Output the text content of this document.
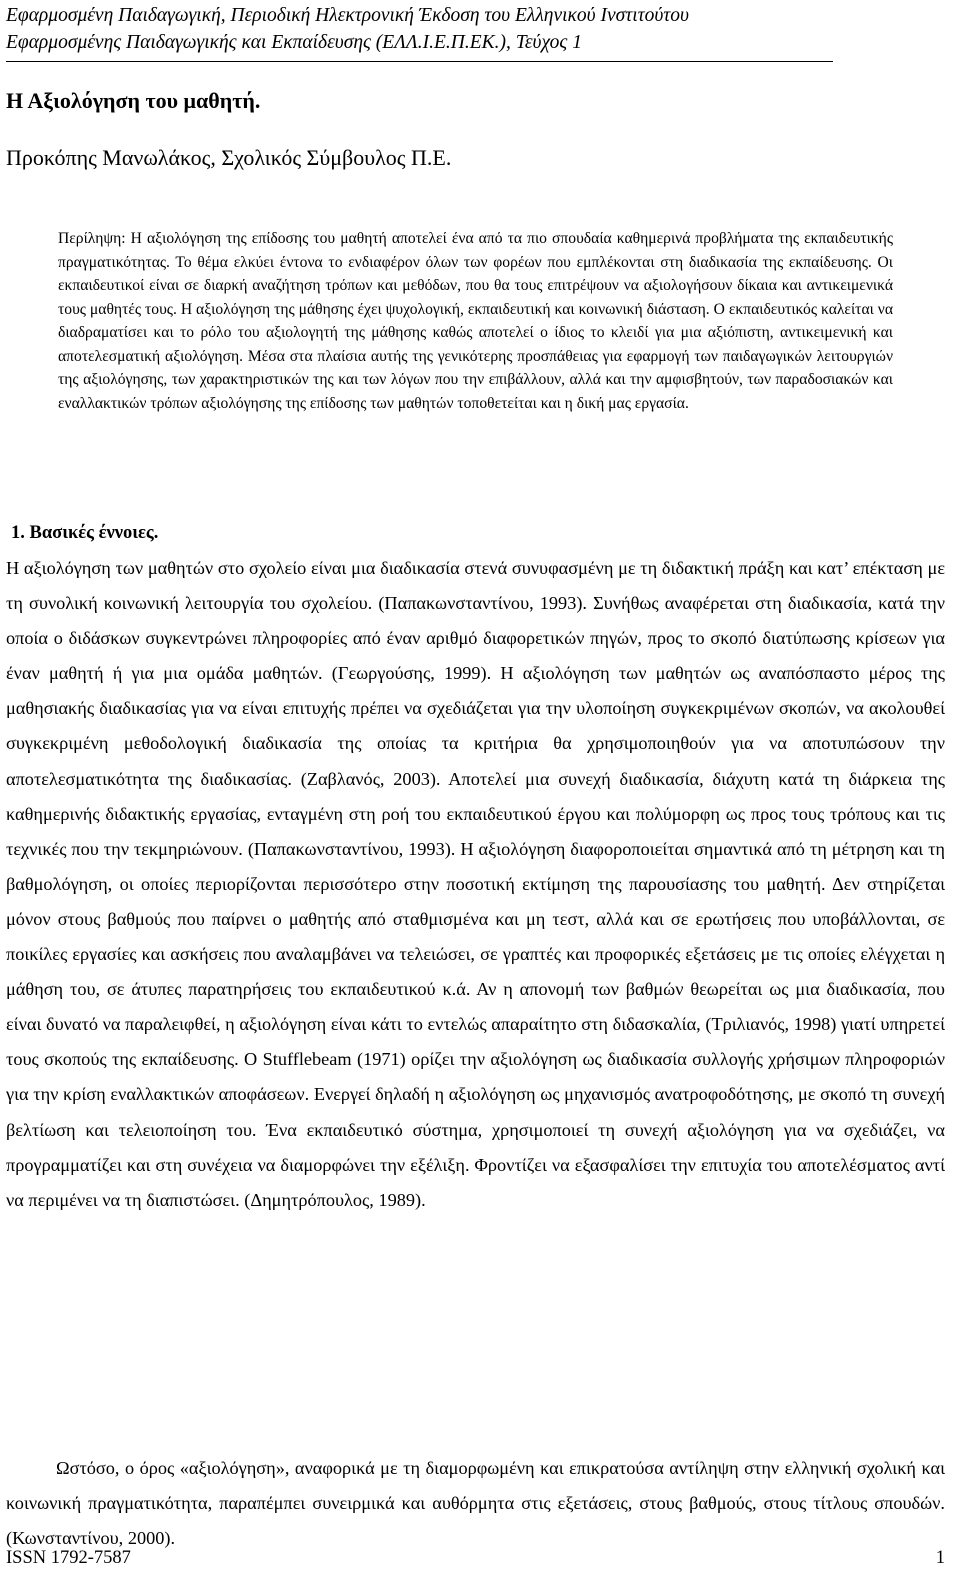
Εφαρμοσμένη Παιδαγωγική, Περιοδική Ηλεκτρονική Έκδοση του Ελληνικού Ινστιτούτου
Εφαρμοσμένης Παιδαγωγικής και Εκπαίδευσης (ΕΛΛ.Ι.Ε.Π.ΕΚ.), Τεύχος 1
Η Αξιολόγηση του μαθητή.
Προκόπης Μανωλάκος, Σχολικός Σύμβουλος Π.Ε.

Περίληψη: Η αξιολόγηση της επίδοσης του μαθητή αποτελεί ένα από τα πιο σπουδαία καθημερινά προβλήματα της εκπαιδευτικής πραγματικότητας. Το θέμα ελκύει έντονα το ενδιαφέρον όλων των φορέων που εμπλέκονται στη διαδικασία της εκπαίδευσης. Οι εκπαιδευτικοί είναι σε διαρκή αναζήτηση τρόπων και μεθόδων, που θα τους επιτρέψουν να αξιολογήσουν δίκαια και αντικειμενικά τους μαθητές τους. Η αξιολόγηση της μάθησης έχει ψυχολογική, εκπαιδευτική και κοινωνική διάσταση. Ο εκπαιδευτικός καλείται να διαδραματίσει και το ρόλο του αξιολογητή της μάθησης καθώς αποτελεί ο ίδιος το κλειδί για μια αξιόπιστη, αντικειμενική και αποτελεσματική αξιολόγηση. Μέσα στα πλαίσια αυτής της γενικότερης προσπάθειας για εφαρμογή των παιδαγωγικών λειτουργιών της αξιολόγησης, των χαρακτηριστικών της και των λόγων που την επιβάλλουν, αλλά και την αμφισβητούν, των παραδοσιακών και εναλλακτικών τρόπων αξιολόγησης της επίδοσης των μαθητών τοποθετείται και η δική μας εργασία.

1. Βασικές έννοιες.

Η αξιολόγηση των μαθητών στο σχολείο είναι μια διαδικασία στενά συνυφασμένη με τη διδακτική πράξη και κατ’ επέκταση με τη συνολική κοινωνική λειτουργία του σχολείου. (Παπακωνσταντίνου, 1993). Συνήθως αναφέρεται στη διαδικασία, κατά την οποία ο διδάσκων συγκεντρώνει πληροφορίες από έναν αριθμό διαφορετικών πηγών, προς το σκοπό διατύπωσης κρίσεων για έναν μαθητή ή για μια ομάδα μαθητών. (Γεωργούσης, 1999). Η αξιολόγηση των μαθητών ως αναπόσπαστο μέρος της μαθησιακής διαδικασίας για να είναι επιτυχής πρέπει να σχεδιάζεται για την υλοποίηση συγκεκριμένων σκοπών, να ακολουθεί συγκεκριμένη μεθοδολογική διαδικασία της οποίας τα κριτήρια θα χρησιμοποιηθούν για να αποτυπώσουν την αποτελεσματικότητα της διαδικασίας. (Ζαβλανός, 2003). Αποτελεί μια συνεχή διαδικασία, διάχυτη κατά τη διάρκεια της καθημερινής διδακτικής εργασίας, ενταγμένη στη ροή του εκπαιδευτικού έργου και πολύμορφη ως προς τους τρόπους και τις τεχνικές που την τεκμηριώνουν. (Παπακωνσταντίνου, 1993). Η αξιολόγηση διαφοροποιείται σημαντικά από τη μέτρηση και τη βαθμολόγηση, οι οποίες περιορίζονται περισσότερο στην ποσοτική εκτίμηση της παρουσίασης του μαθητή. Δεν στηρίζεται μόνον στους βαθμούς που παίρνει ο μαθητής από σταθμισμένα και μη τεστ, αλλά και σε ερωτήσεις που υποβάλλονται, σε ποικίλες εργασίες και ασκήσεις που αναλαμβάνει να τελειώσει, σε γραπτές και προφορικές εξετάσεις με τις οποίες ελέγχεται η μάθηση του, σε άτυπες παρατηρήσεις του εκπαιδευτικού κ.ά. Αν η απονομή των βαθμών θεωρείται ως μια διαδικασία, που είναι δυνατό να παραλειφθεί, η αξιολόγηση είναι κάτι το εντελώς απαραίτητο στη διδασκαλία, (Τριλιανός, 1998) γιατί υπηρετεί τους σκοπούς της εκπαίδευσης. Ο Stufflebeam (1971) ορίζει την αξιολόγηση ως διαδικασία συλλογής χρήσιμων πληροφοριών για την κρίση εναλλακτικών αποφάσεων. Ενεργεί δηλαδή η αξιολόγηση ως μηχανισμός ανατροφοδότησης, με σκοπό τη συνεχή βελτίωση και τελειοποίηση του. Ένα εκπαιδευτικό σύστημα, χρησιμοποιεί τη συνεχή αξιολόγηση για να σχεδιάζει, να προγραμματίζει και στη συνέχεια να διαμορφώνει την εξέλιξη. Φροντίζει να εξασφαλίσει την επιτυχία του αποτελέσματος αντί να περιμένει να τη διαπιστώσει. (Δημητρόπουλος, 1989).

Ωστόσο, ο όρος «αξιολόγηση», αναφορικά με τη διαμορφωμένη και επικρατούσα αντίληψη στην ελληνική σχολική και κοινωνική πραγματικότητα, παραπέμπει συνειρμικά και αυθόρμητα στις εξετάσεις, στους βαθμούς, στους τίτλους σπουδών. (Κωνσταντίνου, 2000).

ISSN 1792-7587	1
